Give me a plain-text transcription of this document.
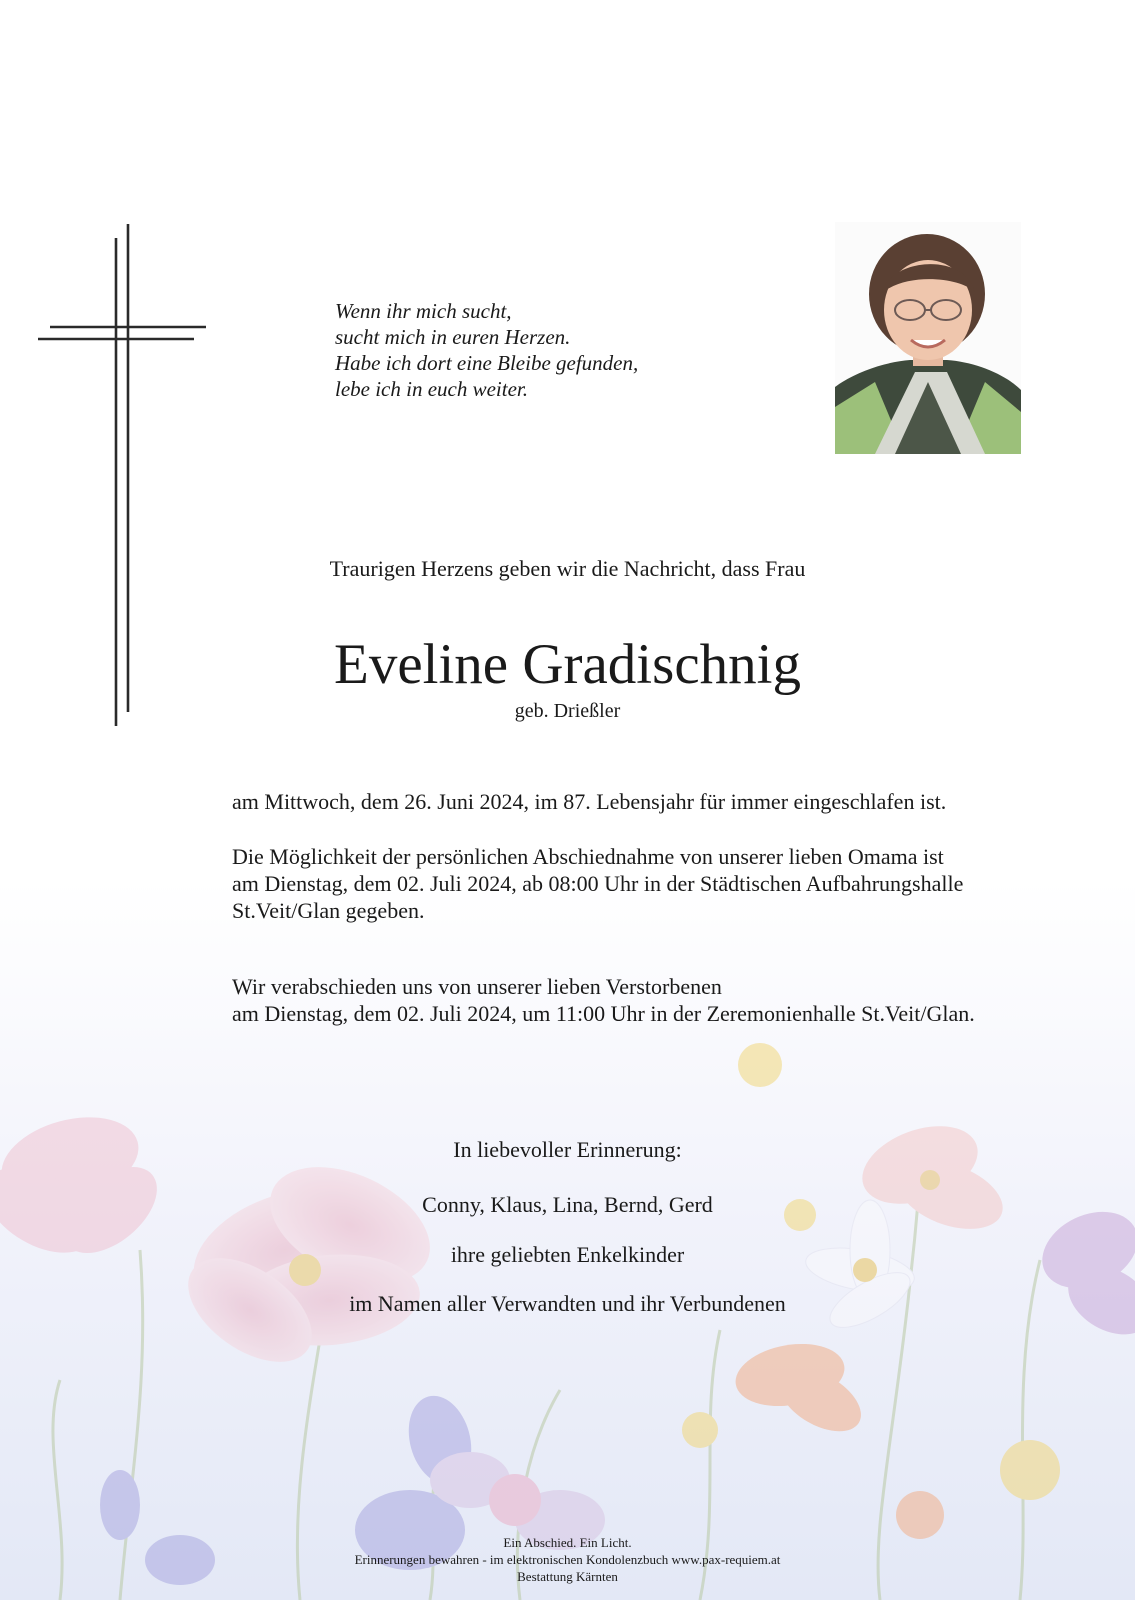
Wenn ihr mich sucht,
sucht mich in euren Herzen.
Habe ich dort eine Bleibe gefunden,
lebe ich in euch weiter.
Traurigen Herzens geben wir die Nachricht, dass Frau
Eveline Gradischnig
geb. Drießler
am Mittwoch, dem 26. Juni 2024, im 87. Lebensjahr für immer eingeschlafen ist.
Die Möglichkeit der persönlichen Abschiednahme von unserer lieben Omama ist
am Dienstag, dem 02. Juli 2024, ab 08:00 Uhr in der Städtischen Aufbahrungshalle
St.Veit/Glan gegeben.
Wir verabschieden uns von unserer lieben Verstorbenen
am Dienstag, dem 02. Juli 2024, um 11:00 Uhr in der Zeremonienhalle St.Veit/Glan.
In liebevoller Erinnerung:
Conny, Klaus, Lina, Bernd, Gerd
ihre geliebten Enkelkinder
im Namen aller Verwandten und ihr Verbundenen
Ein Abschied. Ein Licht.
Erinnerungen bewahren - im elektronischen Kondolenzbuch www.pax-requiem.at
Bestattung Kärnten
